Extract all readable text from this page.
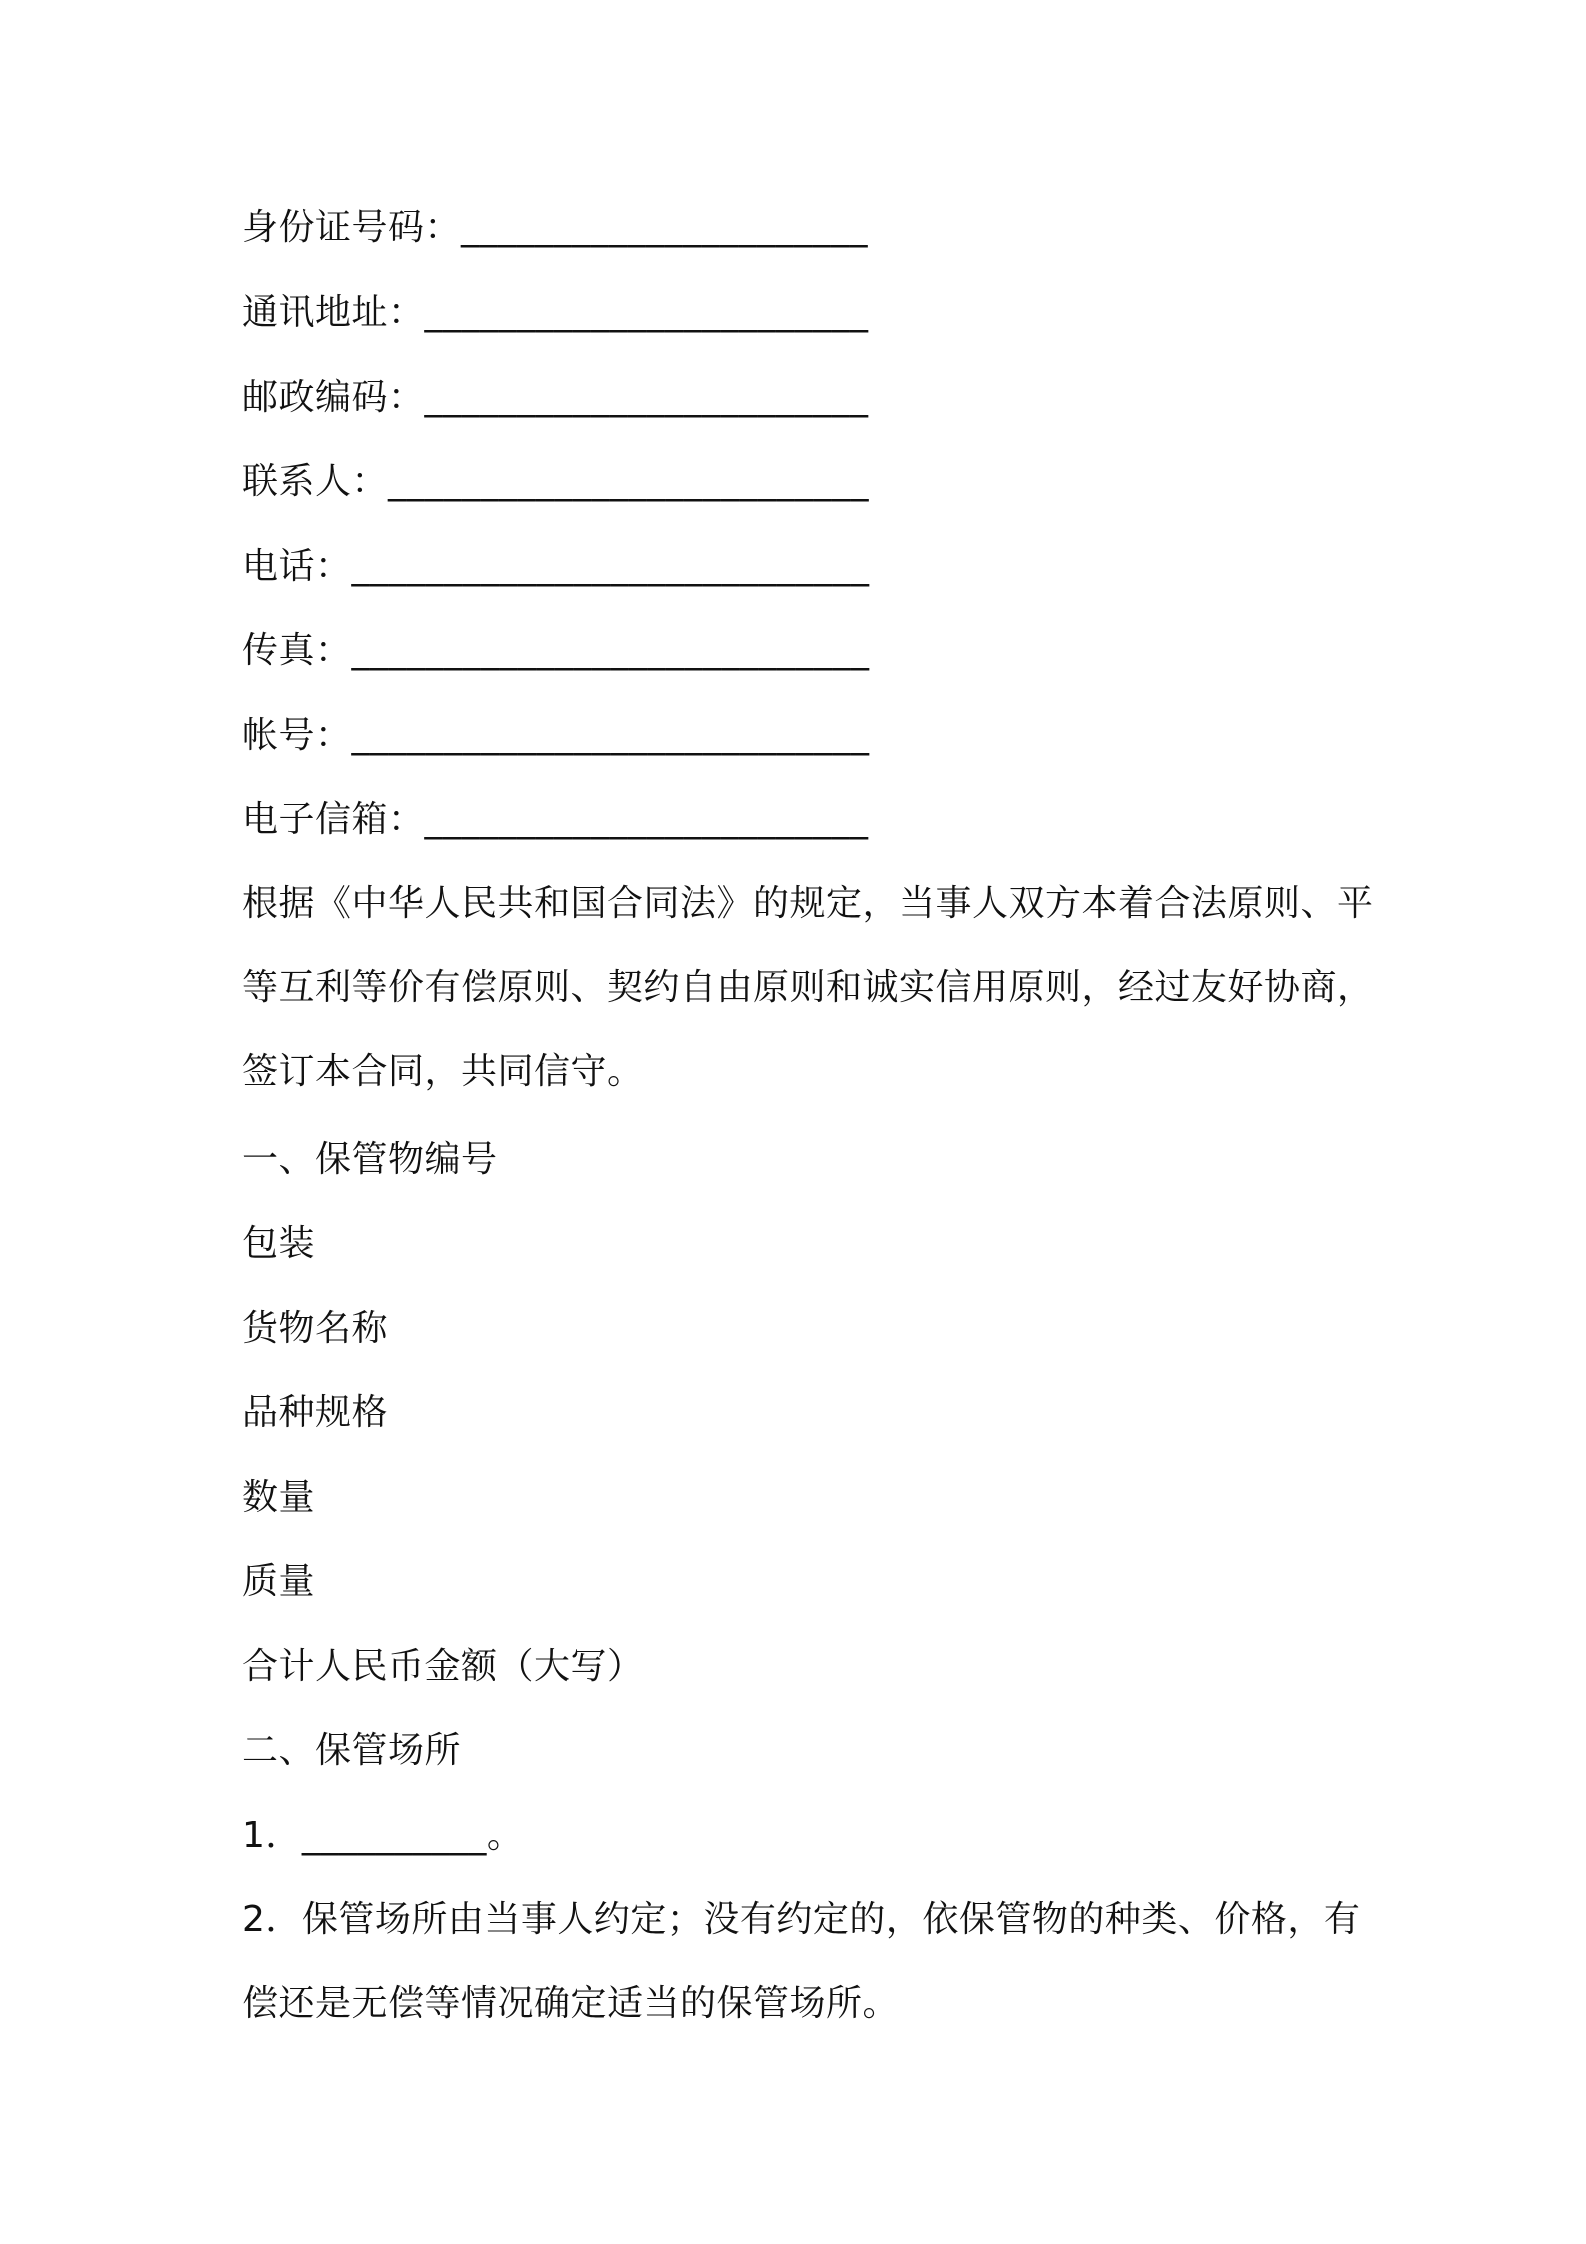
身份证号码：______________________
通讯地址：________________________
邮政编码：________________________
联系人：__________________________
电话：____________________________
传真：____________________________
帐号：____________________________
电子信箱：________________________

根据《中华人民共和国合同法》的规定，当事人双方本着合法原则、平等互利等价有偿原则、契约自由原则和诚实信用原则，经过友好协商，签订本合同，共同信守。

一、保管物编号
包装
货物名称
品种规格
数量
质量
合计人民币金额（大写）
二、保管场所
1．__________。

2．保管场所由当事人约定；没有约定的，依保管物的种类、价格，有偿还是无偿等情况确定适当的保管场所。
